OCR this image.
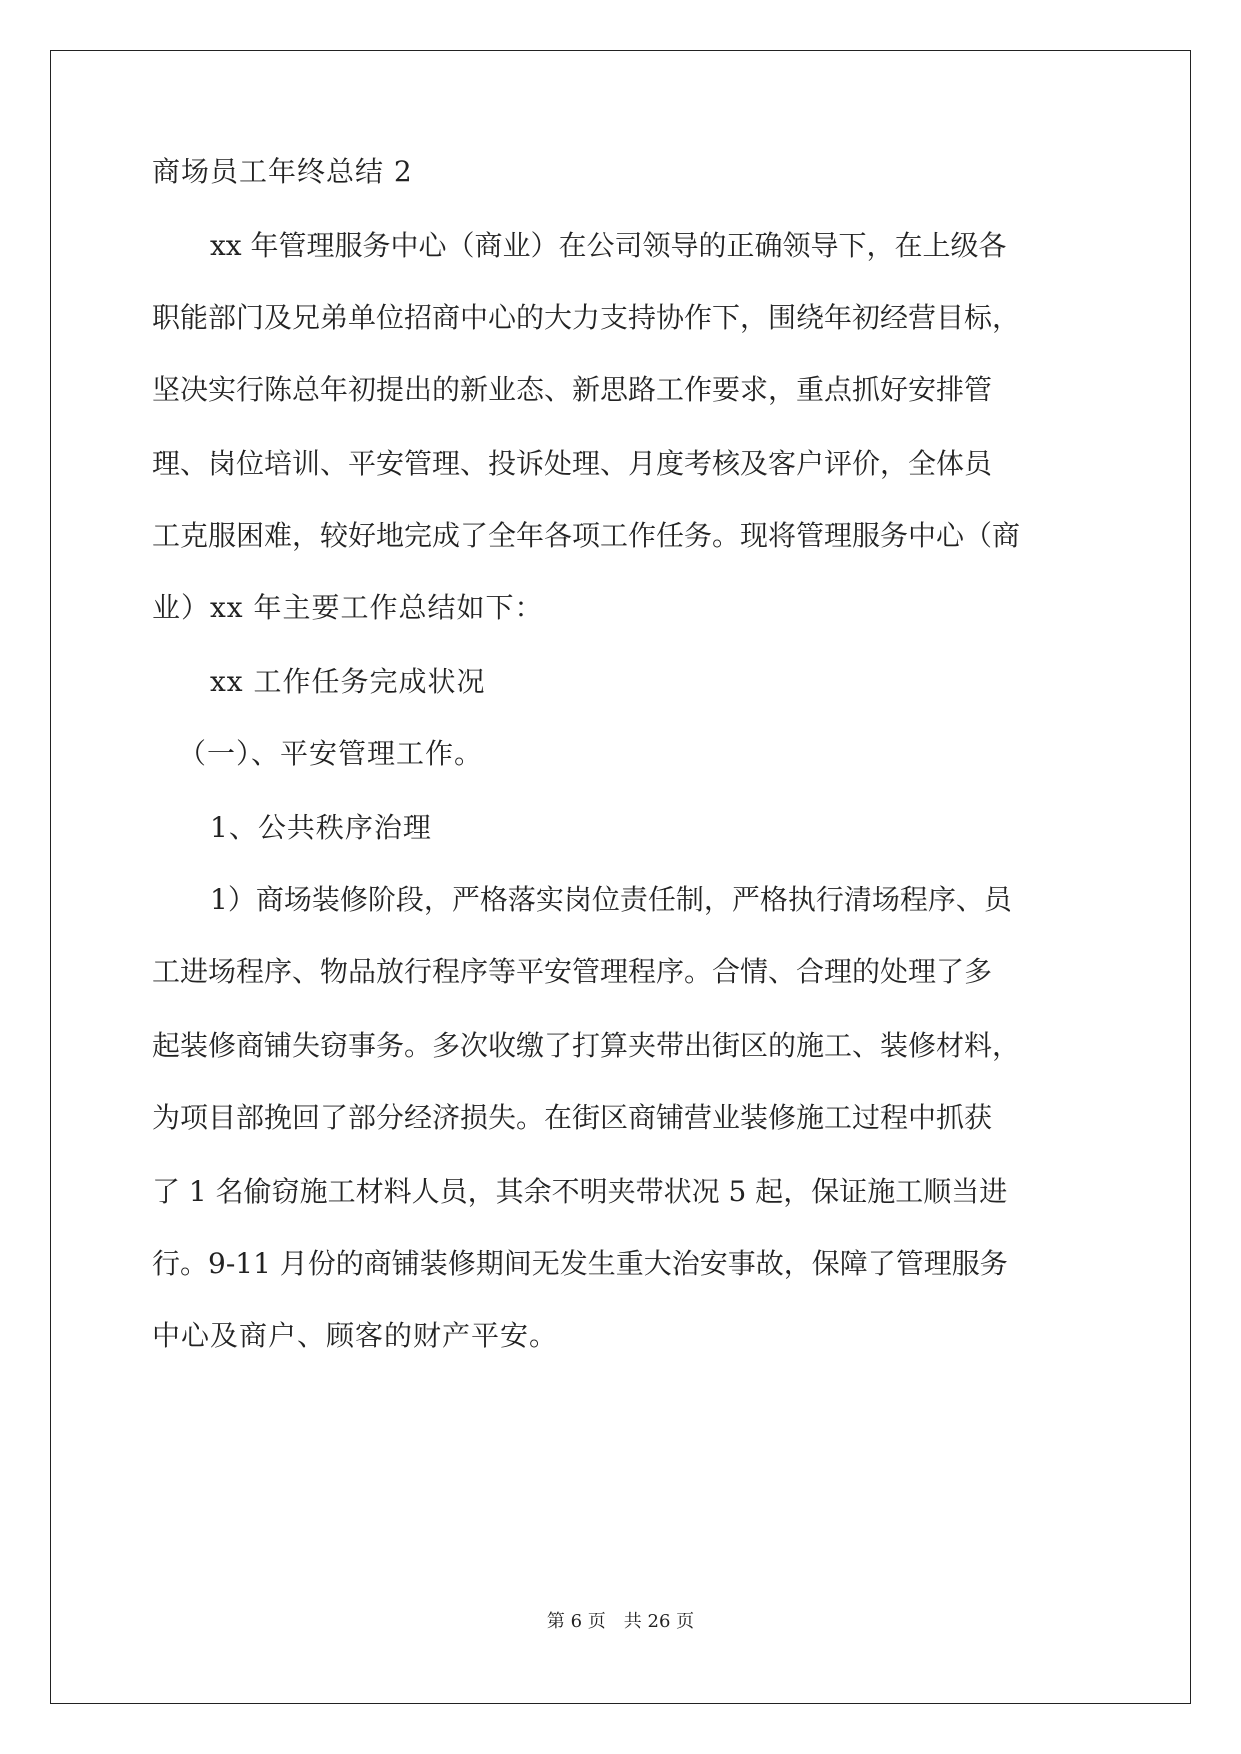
商场员工年终总结 2
xx 年管理服务中心（商业）在公司领导的正确领导下，在上级各
职能部门及兄弟单位招商中心的大力支持协作下，围绕年初经营目标，
坚决实行陈总年初提出的新业态、新思路工作要求，重点抓好安排管
理、岗位培训、平安管理、投诉处理、月度考核及客户评价，全体员
工克服困难，较好地完成了全年各项工作任务。现将管理服务中心（商
业）xx 年主要工作总结如下：
xx 工作任务完成状况
（一）、平安管理工作。
1、公共秩序治理
1）商场装修阶段，严格落实岗位责任制，严格执行清场程序、员
工进场程序、物品放行程序等平安管理程序。合情、合理的处理了多
起装修商铺失窃事务。多次收缴了打算夹带出街区的施工、装修材料，
为项目部挽回了部分经济损失。在街区商铺营业装修施工过程中抓获
了 1 名偷窃施工材料人员，其余不明夹带状况 5 起，保证施工顺当进
行。9-11 月份的商铺装修期间无发生重大治安事故，保障了管理服务
中心及商户、顾客的财产平安。
第 6 页　共 26 页
